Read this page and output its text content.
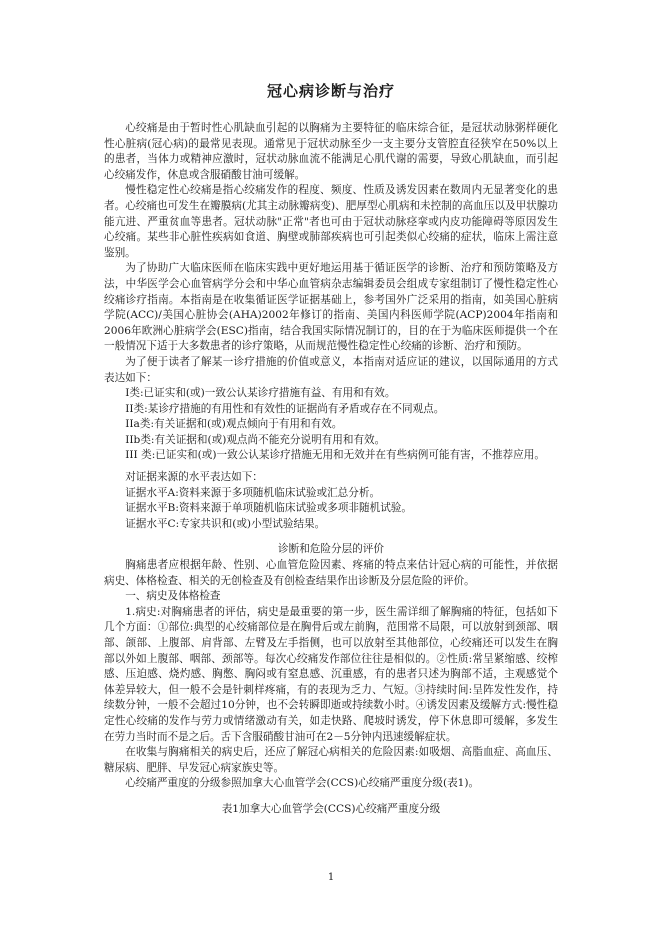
冠心病诊断与治疗

心绞痛是由于暂时性心肌缺血引起的以胸痛为主要特征的临床综合征，是冠状动脉粥样硬化性心脏病(冠心病)的最常见表现。通常见于冠状动脉至少一支主要分支管腔直径狭窄在50%以上的患者，当体力或精神应激时，冠状动脉血流不能满足心肌代谢的需要，导致心肌缺血，而引起心绞痛发作，休息或含服硝酸甘油可缓解。

慢性稳定性心绞痛是指心绞痛发作的程度、频度、性质及诱发因素在数周内无显著变化的患者。心绞痛也可发生在瓣膜病(尤其主动脉瓣病变)、肥厚型心肌病和未控制的高血压以及甲状腺功能亢进、严重贫血等患者。冠状动脉"正常"者也可由于冠状动脉痉挛或内皮功能障碍等原因发生心绞痛。某些非心脏性疾病如食道、胸壁或肺部疾病也可引起类似心绞痛的症状，临床上需注意鉴别。

为了协助广大临床医师在临床实践中更好地运用基于循证医学的诊断、治疗和预防策略及方法，中华医学会心血管病学分会和中华心血管病杂志编辑委员会组成专家组制订了慢性稳定性心绞痛诊疗指南。本指南是在收集循证医学证据基础上，参考国外广泛采用的指南，如美国心脏病学院(ACC)/美国心脏协会(AHA)2002年修订的指南、美国内科医师学院(ACP)2004年指南和2006年欧洲心脏病学会(ESC)指南，结合我国实际情况制订的，目的在于为临床医师提供一个在一般情况下适于大多数患者的诊疗策略，从而规范慢性稳定性心绞痛的诊断、治疗和预防。

为了便于读者了解某一诊疗措施的价值或意义，本指南对适应证的建议，以国际通用的方式表达如下：

I类:已证实和(或)一致公认某诊疗措施有益、有用和有效。

II类:某诊疗措施的有用性和有效性的证据尚有矛盾或存在不同观点。

IIa类:有关证据和(或)观点倾向于有用和有效。

IIb类:有关证据和(或)观点尚不能充分说明有用和有效。

III 类:已证实和(或)一致公认某诊疗措施无用和无效并在有些病例可能有害，不推荐应用。

对证据来源的水平表达如下：

证据水平A:资料来源于多项随机临床试验或汇总分析。

证据水平B:资料来源于单项随机临床试验或多项非随机试验。

证据水平C:专家共识和(或)小型试验结果。

诊断和危险分层的评价

胸痛患者应根据年龄、性别、心血管危险因素、疼痛的特点来估计冠心病的可能性，并依据病史、体格检查、相关的无创检查及有创检查结果作出诊断及分层危险的评价。

一、病史及体格检查

1.病史:对胸痛患者的评估，病史是最重要的第一步，医生需详细了解胸痛的特征，包括如下几个方面：①部位:典型的心绞痛部位是在胸骨后或左前胸，范围常不局限，可以放射到颈部、咽部、颌部、上腹部、肩背部、左臂及左手指侧，也可以放射至其他部位，心绞痛还可以发生在胸部以外如上腹部、咽部、颈部等。每次心绞痛发作部位往往是相似的。②性质:常呈紧缩感、绞榨感、压迫感、烧灼感、胸憋、胸闷或有窒息感、沉重感，有的患者只述为胸部不适，主观感觉个体差异较大，但一般不会是针刺样疼痛，有的表现为乏力、气短。③持续时间:呈阵发性发作，持续数分钟，一般不会超过10分钟，也不会转瞬即逝或持续数小时。④诱发因素及缓解方式:慢性稳定性心绞痛的发作与劳力或情绪激动有关，如走快路、爬坡时诱发，停下休息即可缓解，多发生在劳力当时而不是之后。舌下含服硝酸甘油可在2－5分钟内迅速缓解症状。

在收集与胸痛相关的病史后，还应了解冠心病相关的危险因素:如吸烟、高脂血症、高血压、糖尿病、肥胖、早发冠心病家族史等。

心绞痛严重度的分级参照加拿大心血管学会(CCS)心绞痛严重度分级(表1)。

表1加拿大心血管学会(CCS)心绞痛严重度分级

1
